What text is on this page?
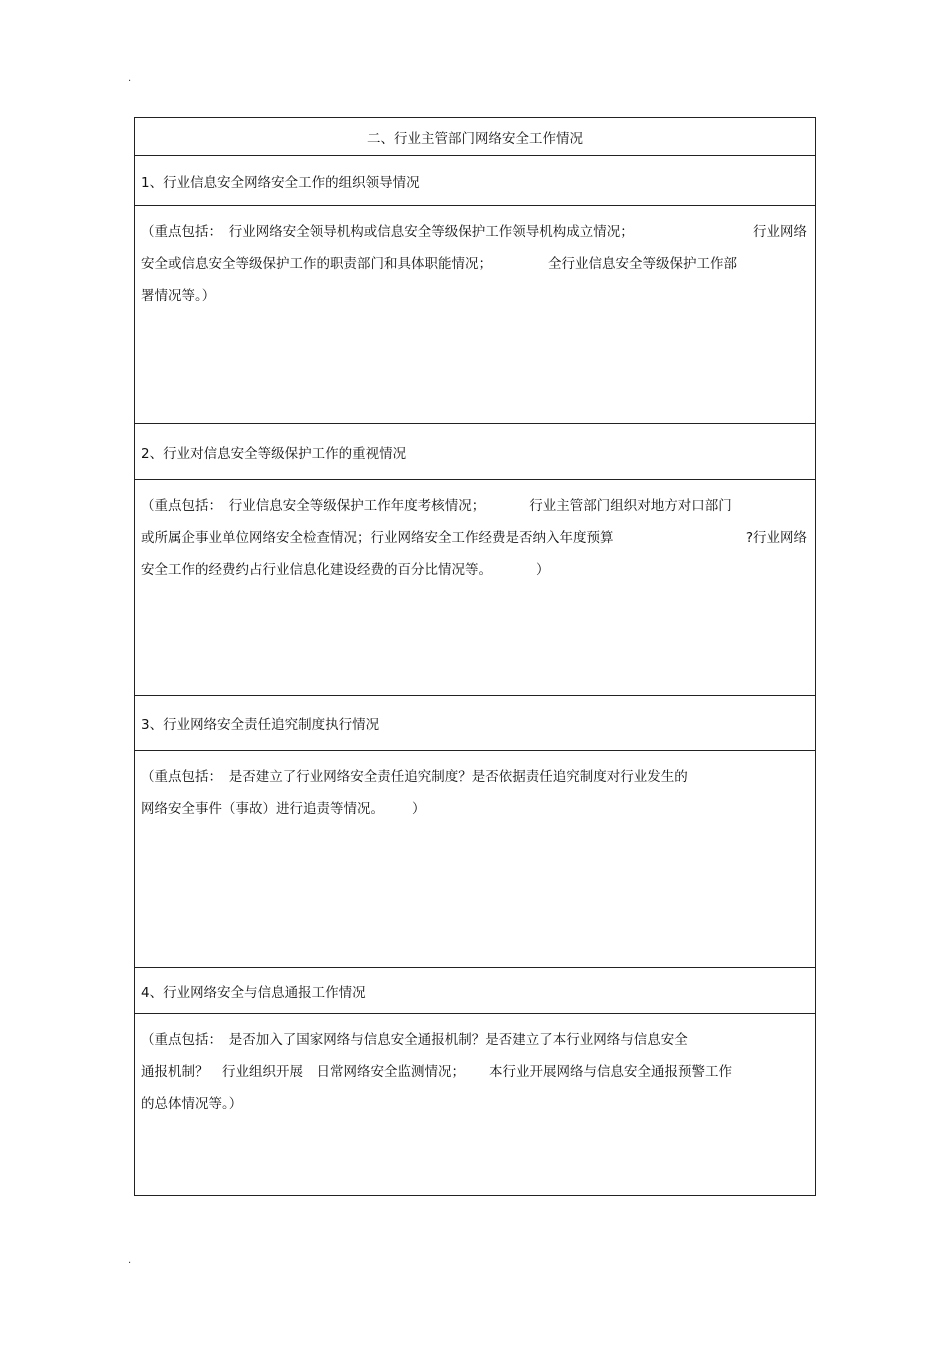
.
二、行业主管部门网络安全工作情况
1、行业信息安全网络安全工作的组织领导情况
（重点包括：　行业网络安全领导机构或信息安全等级保护工作领导机构成立情况；	行业网络
安全或信息安全等级保护工作的职责部门和具体职能情况；	全行业信息安全等级保护工作部
署情况等。）
2、行业对信息安全等级保护工作的重视情况
（重点包括：　行业信息安全等级保护工作年度考核情况；	行业主管部门组织对地方对口部门
或所属企事业单位网络安全检查情况；行业网络安全工作经费是否纳入年度预算	?行业网络
安全工作的经费约占行业信息化建设经费的百分比情况等。	）
3、行业网络安全责任追究制度执行情况
（重点包括：　是否建立了行业网络安全责任追究制度？是否依据责任追究制度对行业发生的
网络安全事件（事故）进行追责等情况。 ）
4、行业网络安全与信息通报工作情况
（重点包括：　是否加入了国家网络与信息安全通报机制？是否建立了本行业网络与信息安全
通报机制？　行业组织开展　日常网络安全监测情况； 本行业开展网络与信息安全通报预警工作
的总体情况等。）
.
